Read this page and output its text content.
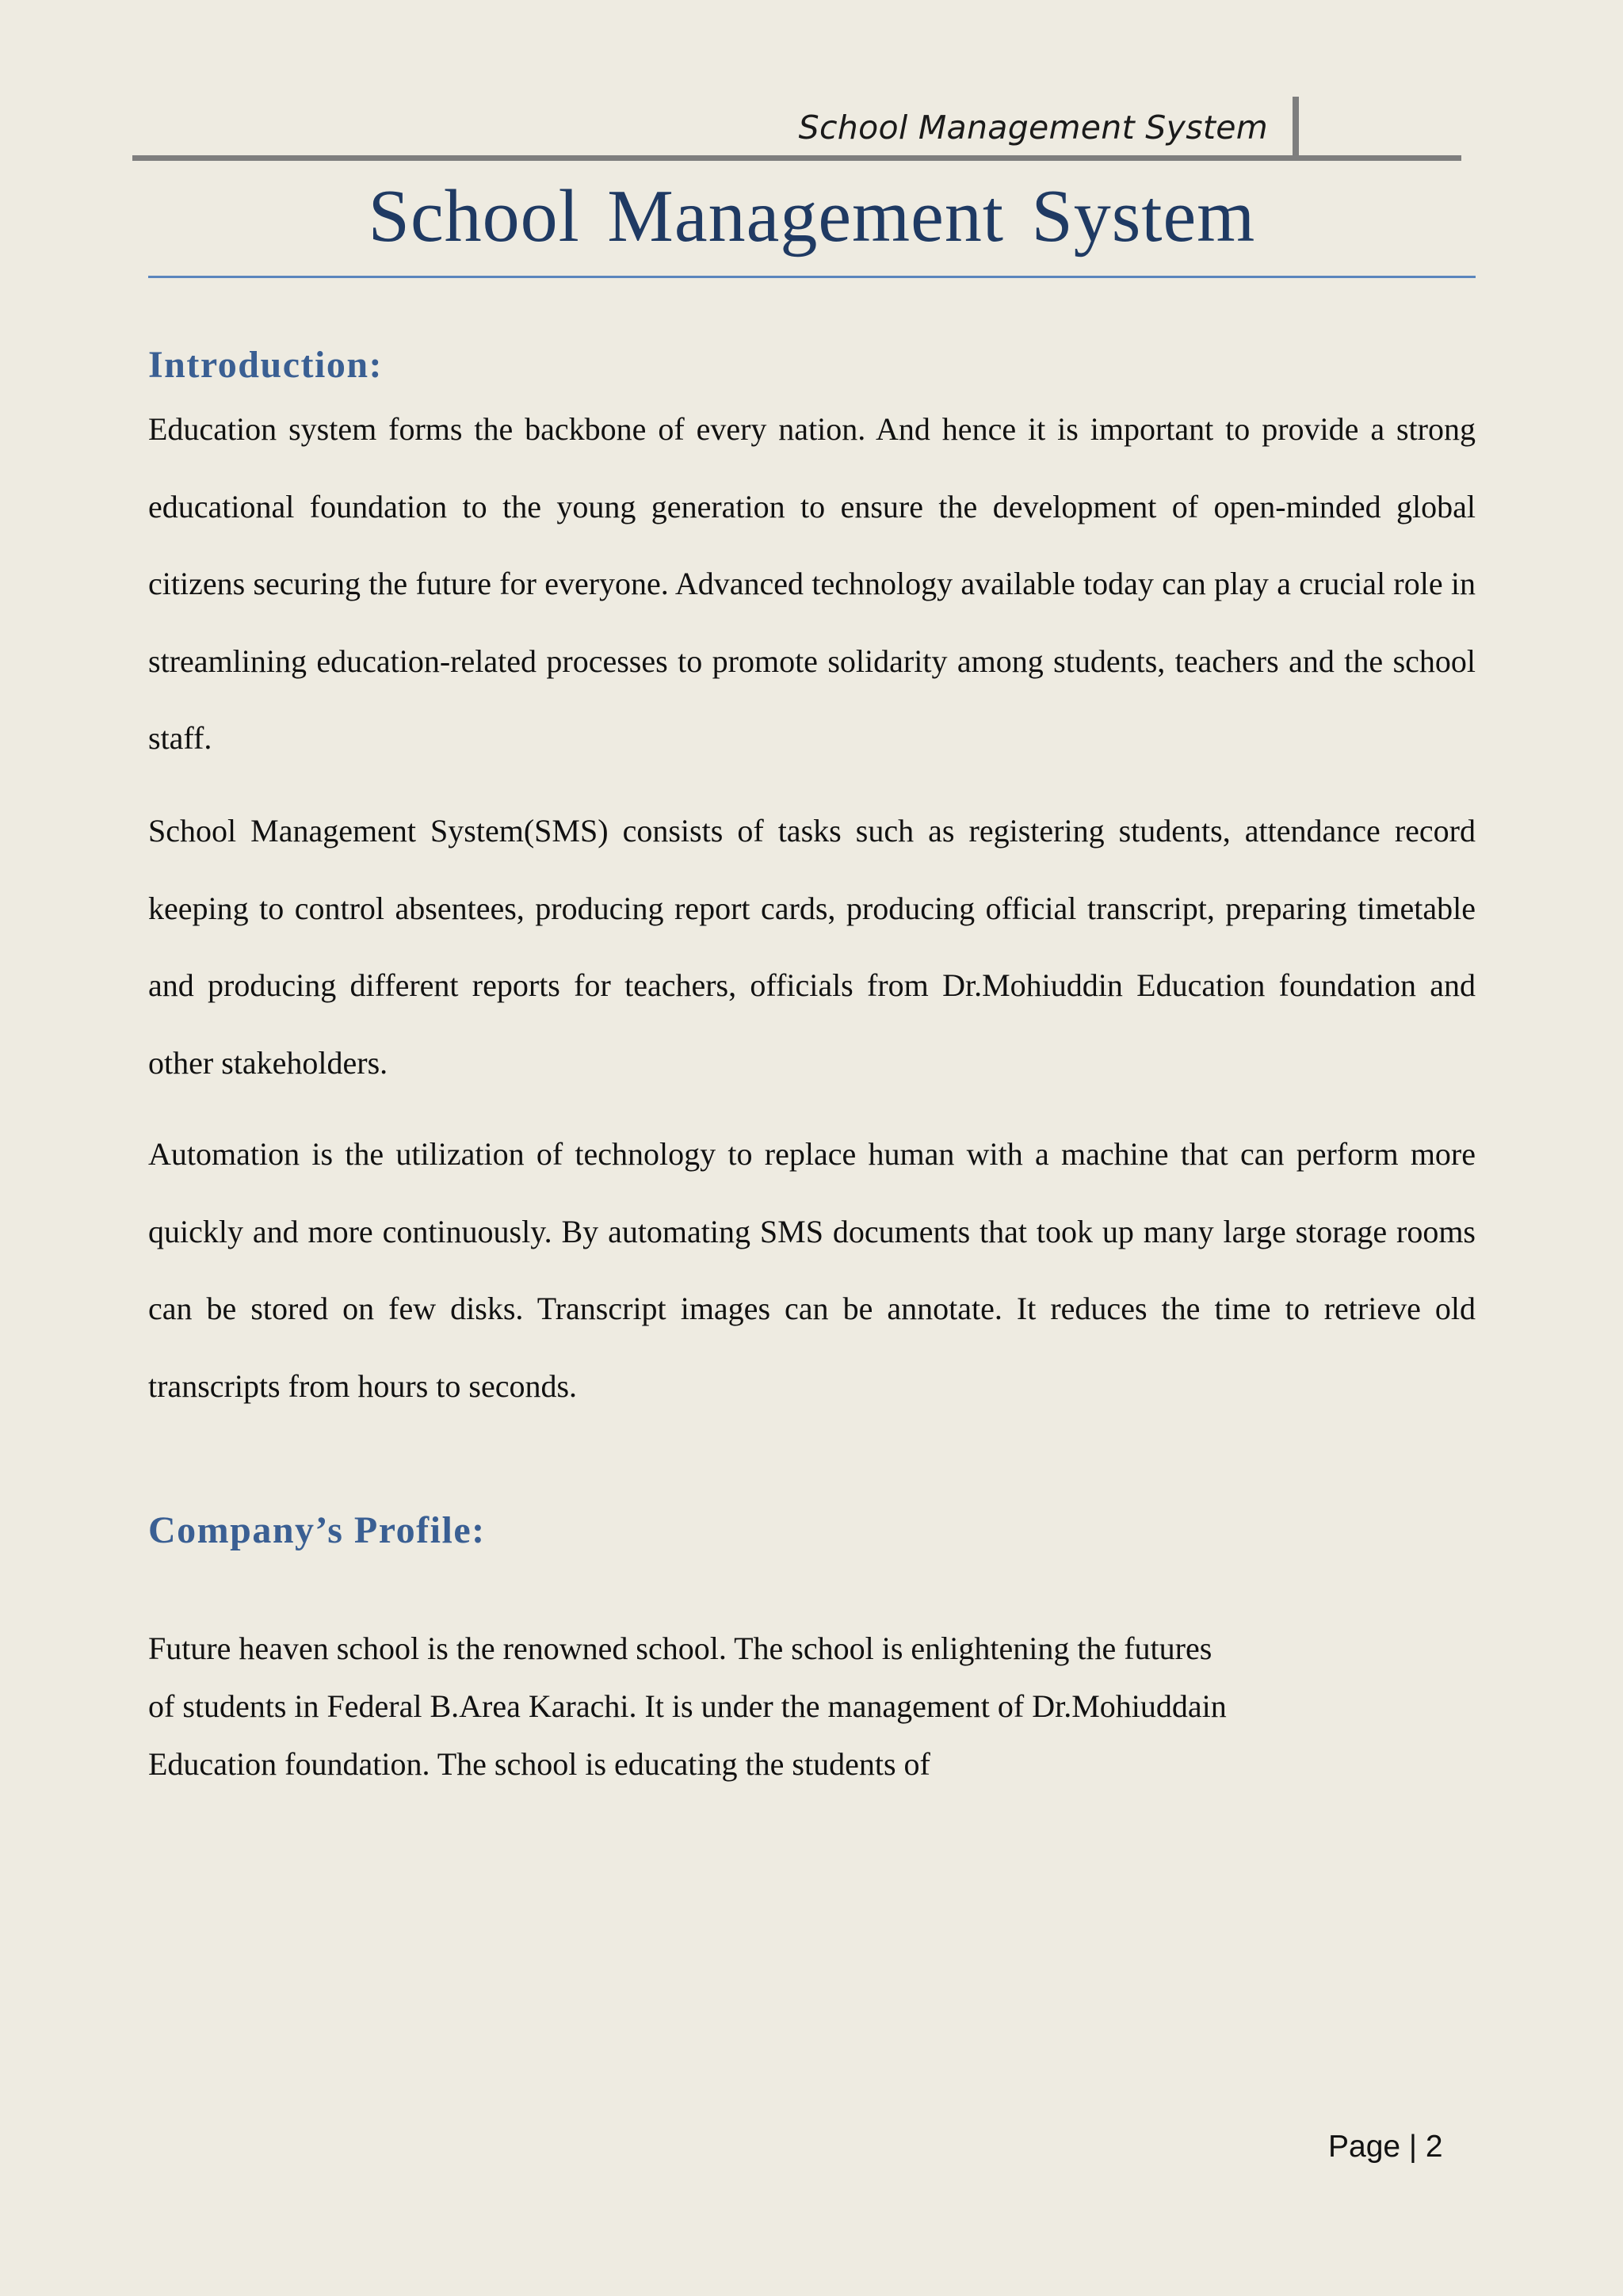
School Management System
School Management System
Introduction:

Education system forms the backbone of every nation. And hence it is important to provide a strong educational foundation to the young generation to ensure the development of open-minded global citizens securing the future for everyone. Advanced technology available today can play a crucial role in streamlining education-related processes to promote solidarity among students, teachers and the school staff.

School Management System(SMS) consists of tasks such as registering students, attendance record keeping to control absentees, producing report cards, producing official transcript, preparing timetable and producing different reports for teachers, officials from Dr.Mohiuddin Education foundation and other stakeholders.

Automation is the utilization of technology to replace human with a machine that can perform more quickly and more continuously. By automating SMS documents that took up many large storage rooms can be stored on few disks. Transcript images can be annotate. It reduces the time to retrieve old transcripts from hours to seconds.

Company’s Profile:
Future heaven school is the renowned school. The school is enlightening the futures
of students in Federal B.Area Karachi. It is under the management of Dr.Mohiuddain
Education foundation. The school is educating the students of
Page | 2
